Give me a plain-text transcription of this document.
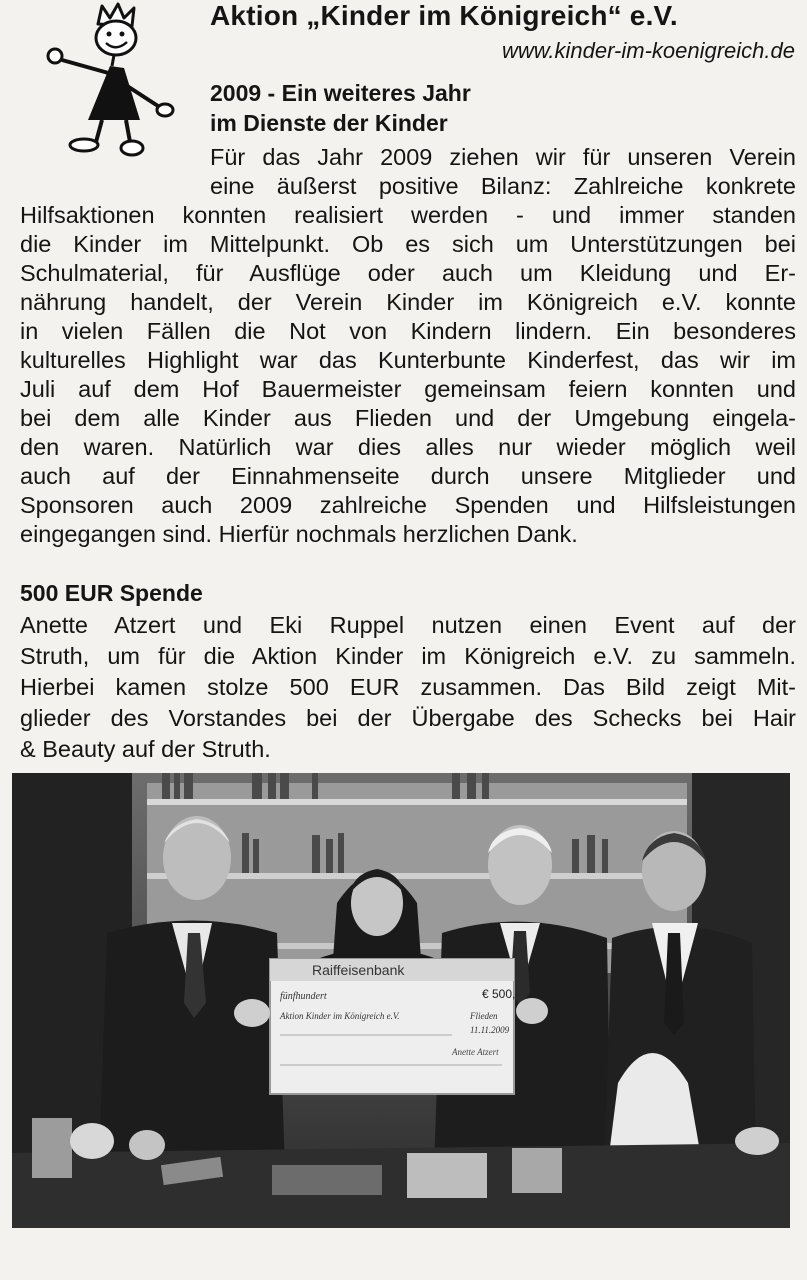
Aktion „Kinder im Königreich“ e.V.
www.kinder-im-koenigreich.de
2009 - Ein weiteres Jahr
im Dienste der Kinder
Für das Jahr 2009 ziehen wir für unseren Verein
eine äußerst positive Bilanz: Zahlreiche konkrete
Hilfsaktionen konnten realisiert werden - und immer standen
die Kinder im Mittelpunkt. Ob es sich um Unterstützungen bei
Schulmaterial, für Ausflüge oder auch um Kleidung und Er-
nährung handelt, der Verein Kinder im Königreich e.V. konnte
in vielen Fällen die Not von Kindern lindern. Ein besonderes
kulturelles Highlight war das Kunterbunte Kinderfest, das wir im
Juli auf dem Hof Bauermeister gemeinsam feiern konnten und
bei dem alle Kinder aus Flieden und der Umgebung eingela-
den waren. Natürlich war dies alles nur wieder möglich weil
auch auf der Einnahmenseite durch unsere Mitglieder und
Sponsoren auch 2009 zahlreiche Spenden und Hilfsleistungen
eingegangen sind. Hierfür nochmals herzlichen Dank.
500 EUR Spende
Anette Atzert und Eki Ruppel nutzen einen Event auf der
Struth, um für die Aktion Kinder im Königreich e.V. zu sammeln.
Hierbei kamen stolze 500 EUR zusammen. Das Bild zeigt Mit-
glieder des Vorstandes bei der Übergabe des Schecks bei Hair
& Beauty auf der Struth.
Raiffeisenbank
€ 500,-
fünfhundert
Aktion Kinder im Königreich e.V.	Flieden
11.11.2009
Anette Atzert
